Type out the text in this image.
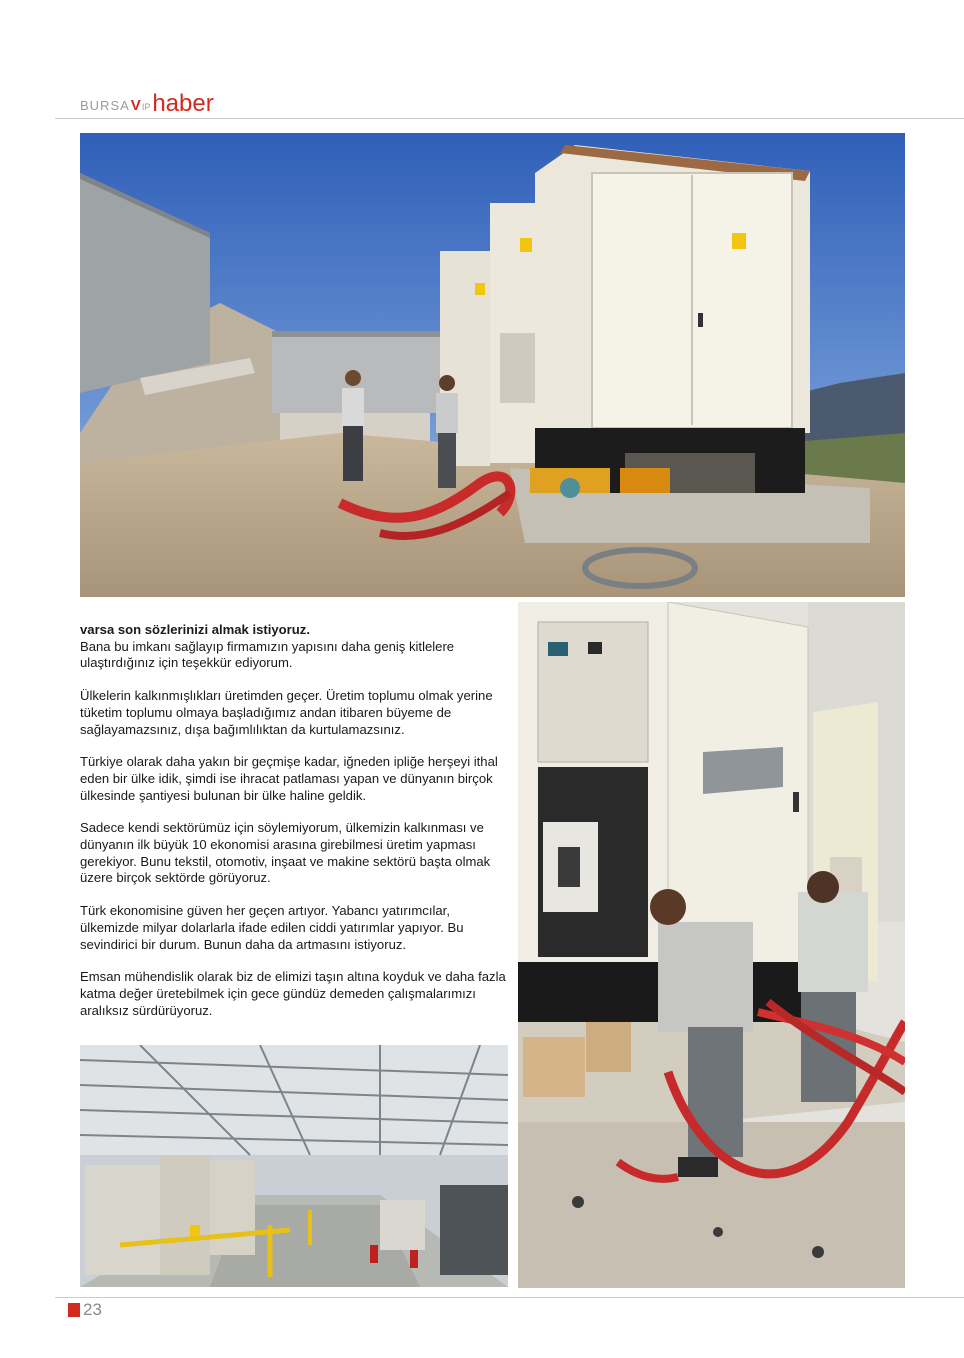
BURSA V IP haber

varsa son sözlerinizi almak istiyoruz.

Bana bu imkanı sağlayıp firmamızın yapısını daha geniş kitlelere ulaştırdığınız için teşekkür ediyorum.

Ülkelerin kalkınmışlıkları üretimden geçer. Üretim toplumu olmak yerine tüketim toplumu olmaya başladığımız andan itibaren büyeme de sağlayamazsınız, dışa bağımlılıktan da kurtulamazsınız.

Türkiye olarak daha yakın bir geçmişe kadar, iğneden ipliğe herşeyi ithal eden bir ülke idik, şimdi ise ihracat patlaması yapan ve dünyanın birçok ülkesinde şantiyesi bulunan bir ülke haline geldik.

Sadece kendi sektörümüz için söylemiyorum, ülkemizin kalkınması ve dünyanın ilk büyük 10 ekonomisi arasına girebilmesi üretim yapması gerekiyor. Bunu tekstil, otomotiv, inşaat ve makine sektörü başta olmak üzere birçok sektörde görüyoruz.

Türk ekonomisine güven her geçen artıyor. Yabancı yatırımcılar, ülkemizde milyar dolarlarla ifade edilen ciddi yatırımlar yapıyor. Bu sevindirici bir durum. Bunun daha da artmasını istiyoruz.

Emsan mühendislik olarak biz de elimizi taşın altına koyduk ve daha fazla katma değer üretebilmek için gece gündüz demeden çalışmalarımızı aralıksız sürdürüyoruz.

23
